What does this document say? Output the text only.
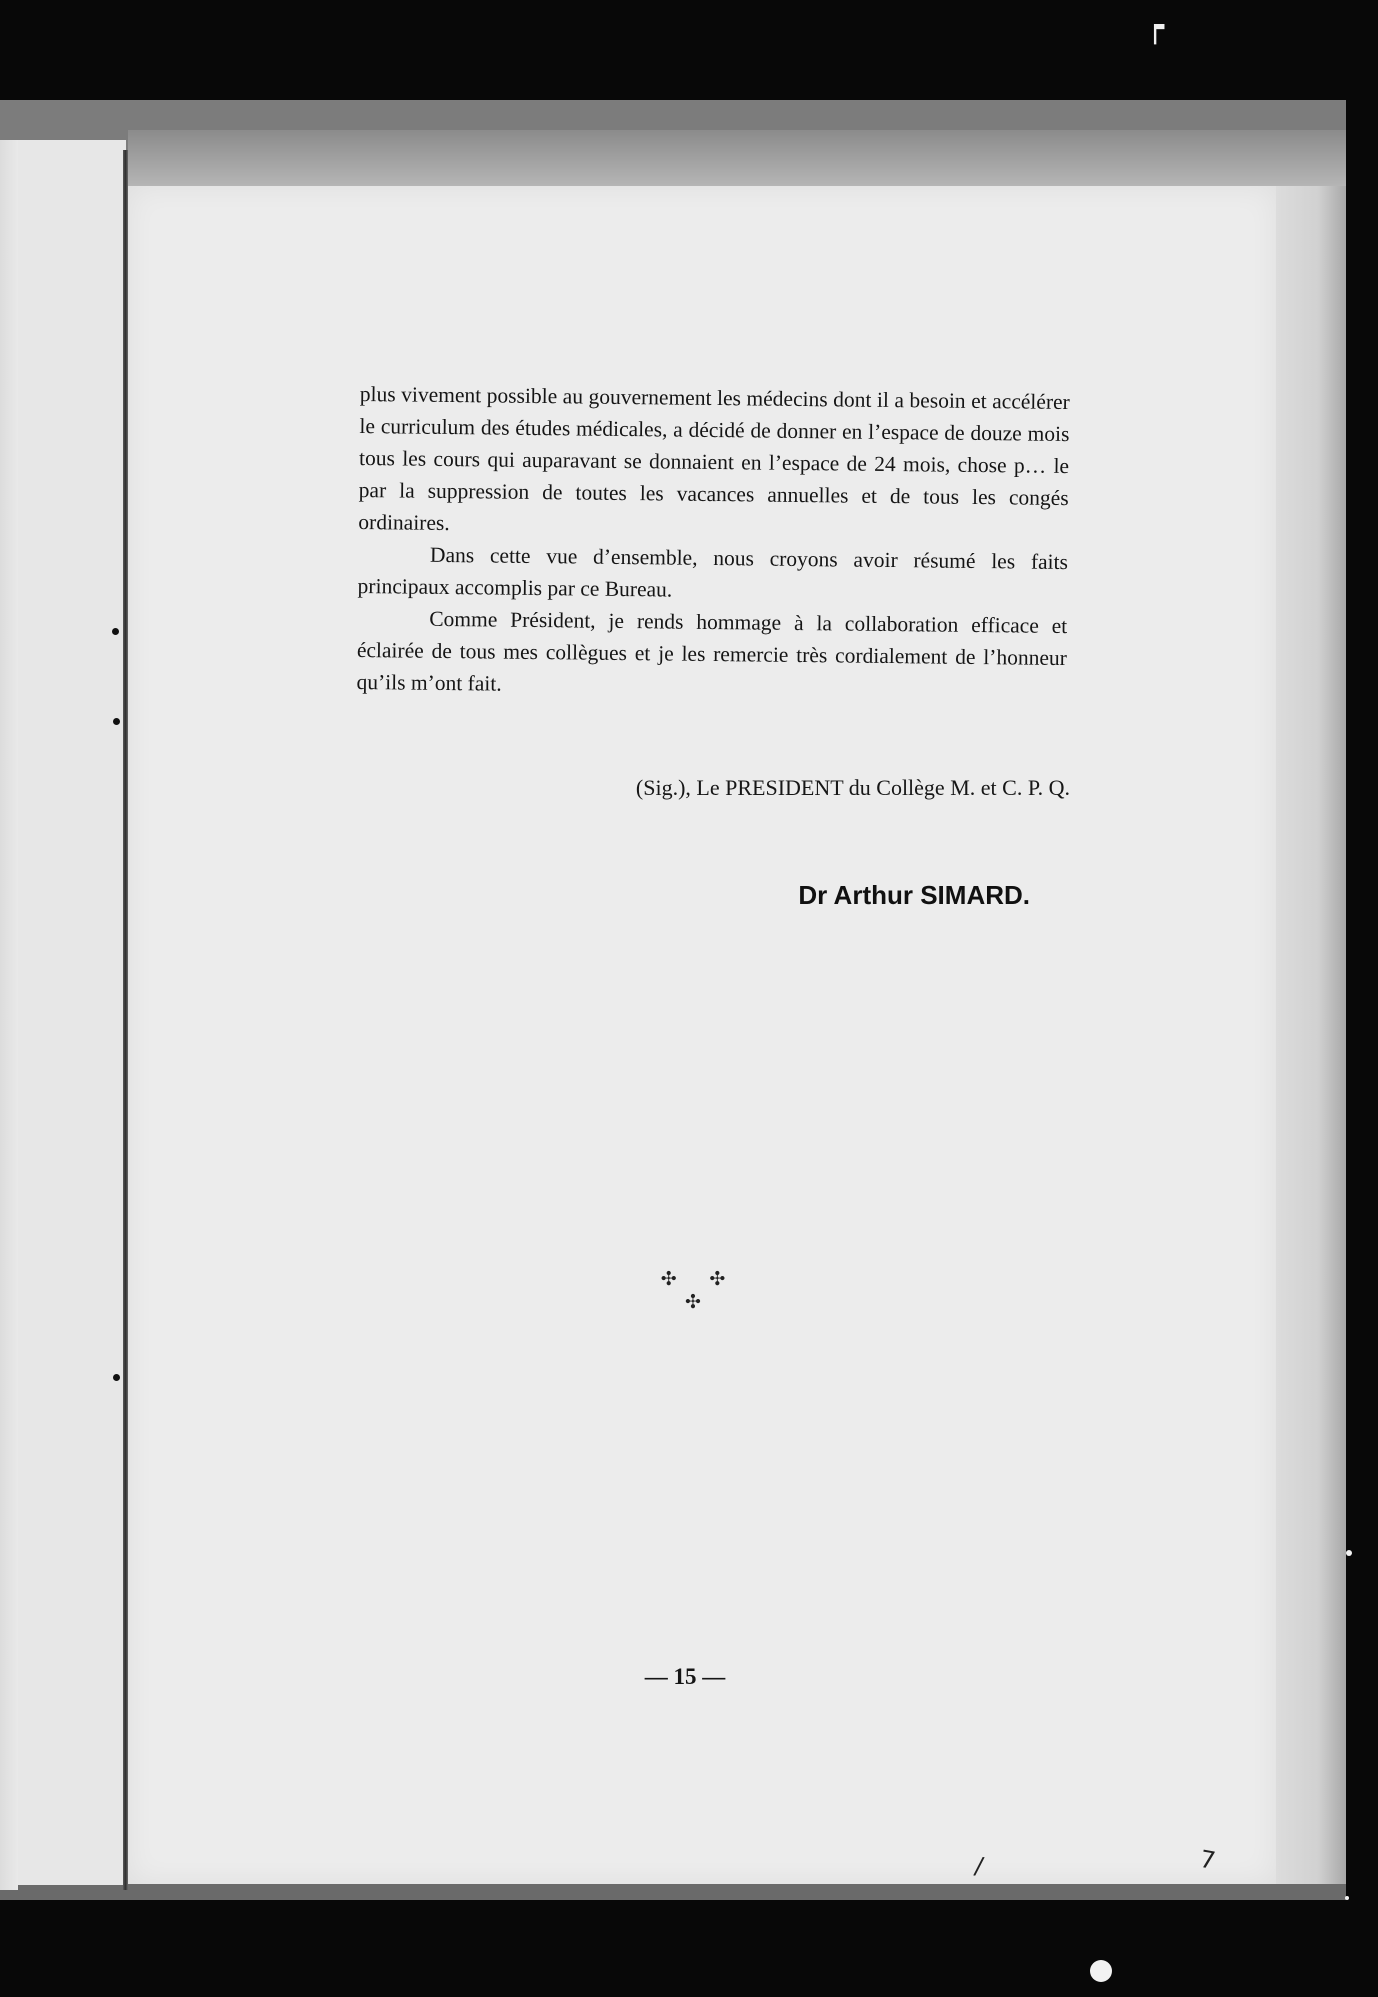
plus vivement possible au gouvernement les médecins dont il a besoin et accélérer le curriculum des études médicales, a décidé de donner en l’espace de douze mois tous les cours qui auparavant se donnaient en l’espace de 24 mois, chose p… le par la suppression de toutes les vacances annuelles et de tous les congés ordinaires.

Dans cette vue d’ensemble, nous croyons avoir résumé les faits principaux accomplis par ce Bureau.

Comme Président, je rends hommage à la collaboration efficace et éclairée de tous mes collègues et je les remercie très cordialement de l’honneur qu’ils m’ont fait.

(Sig.), Le PRESIDENT du Collège M. et C. P. Q.
Dr Arthur SIMARD.
✣ ✣ ✣
— 15 —
┍
/	7
